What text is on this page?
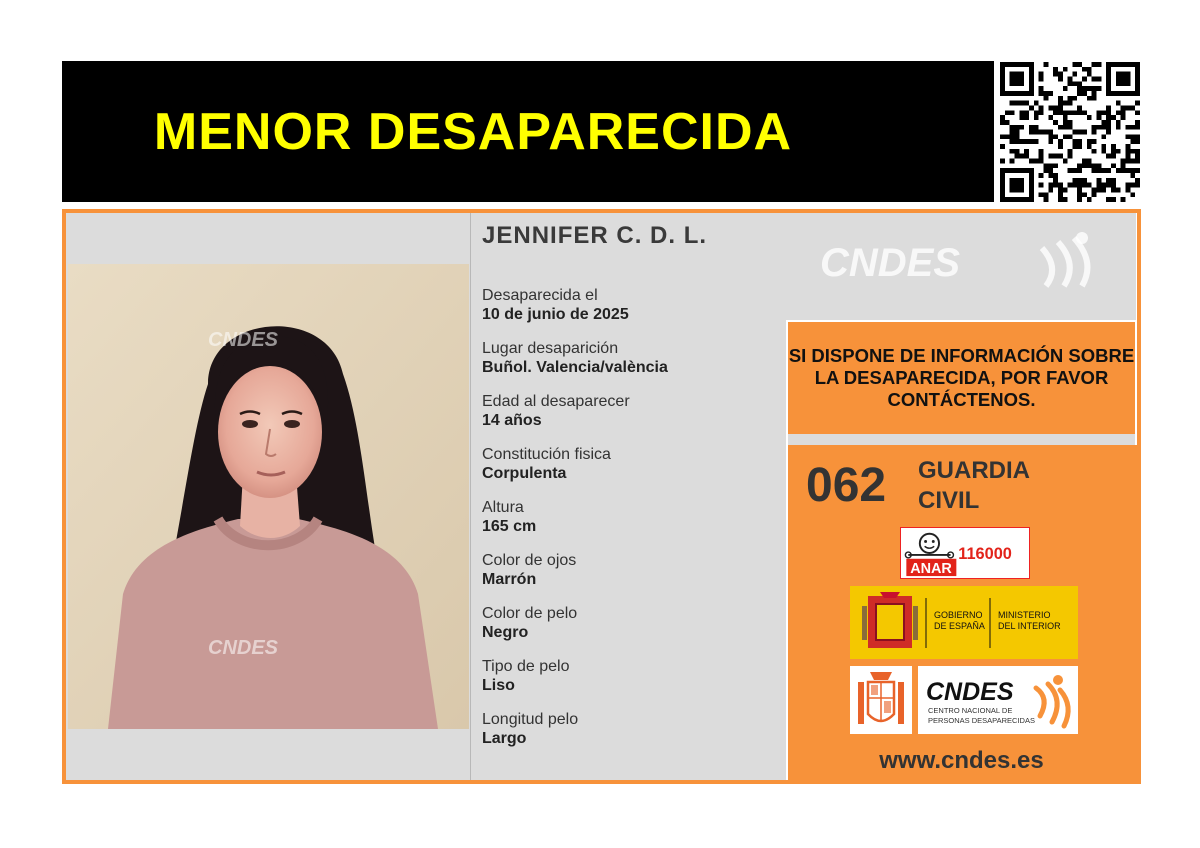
MENOR DESAPARECIDA
CNDES
CNDES
JENNIFER C. D. L.
Desaparecida el
10 de junio de 2025
Lugar desaparición
Buñol. Valencia/valència
Edad al desaparecer
14 años
Constitución fisica
Corpulenta
Altura
165 cm
Color de ojos
Marrón
Color de pelo
Negro
Tipo de pelo
Liso
Longitud pelo
Largo
CNDES
SI DISPONE DE INFORMACIÓN SOBRE LA DESAPARECIDA, POR FAVOR CONTÁCTENOS.
062 GUARDIA
CIVIL
ANAR
116000
GOBIERNO
DE ESPAÑA
MINISTERIO
DEL INTERIOR
CNDES
CENTRO NACIONAL DE
PERSONAS DESAPARECIDAS
www.cndes.es
